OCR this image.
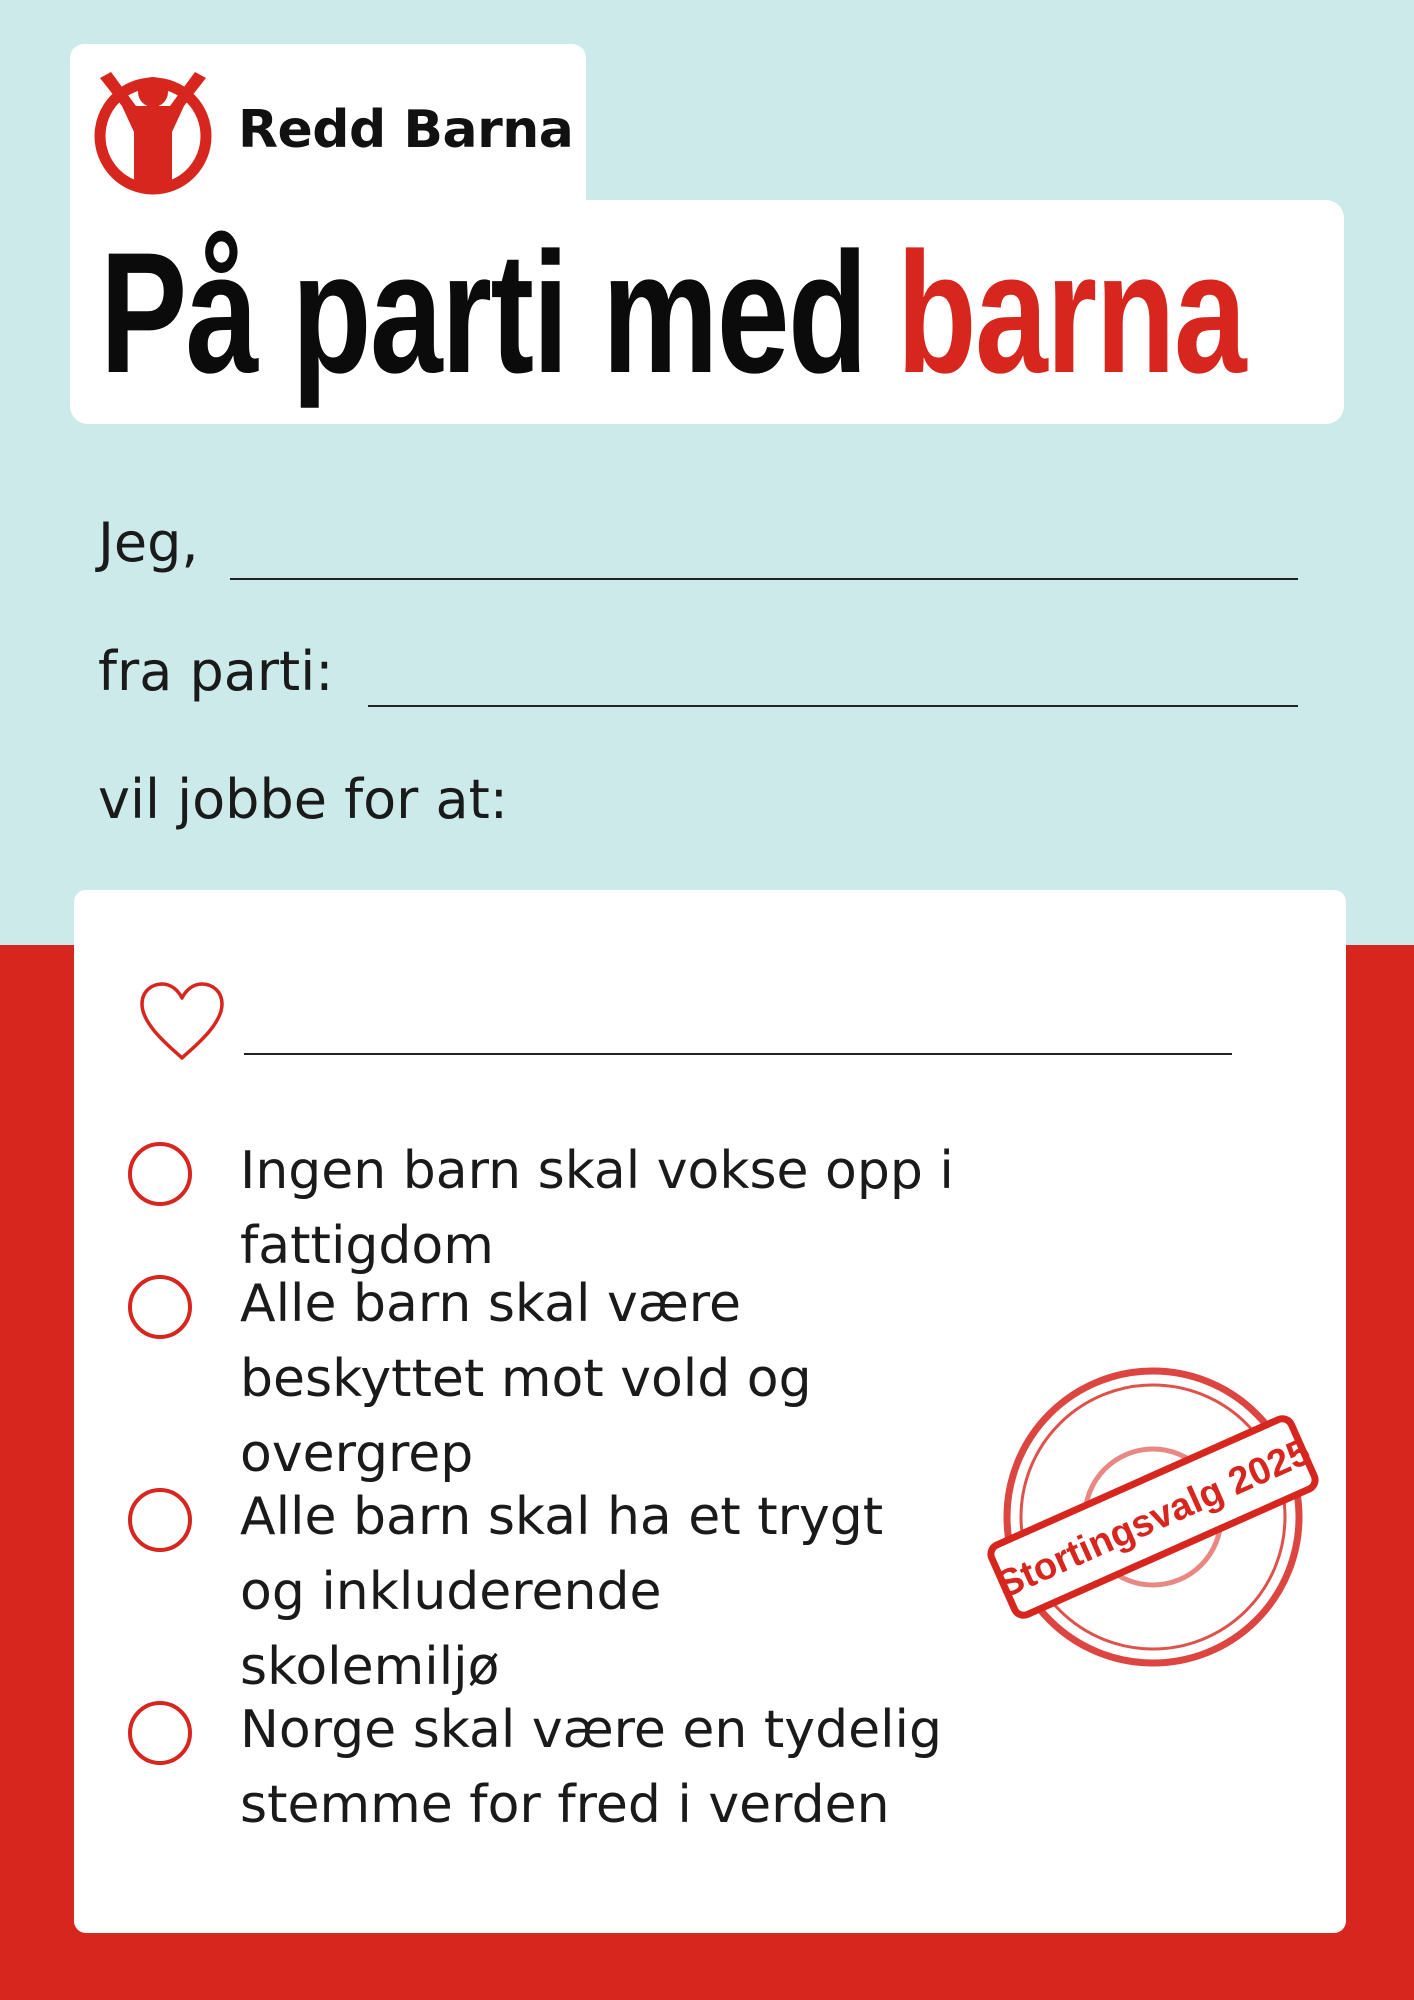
Redd Barna
På parti med barna
Jeg,
fra parti:
vil jobbe for at:
Ingen barn skal vokse opp i fattigdom
Alle barn skal være beskyttet mot vold og overgrep
Alle barn skal ha et trygt og inkluderende skolemiljø
Norge skal være en tydelig stemme for fred i verden
Stortingsvalg 2025
